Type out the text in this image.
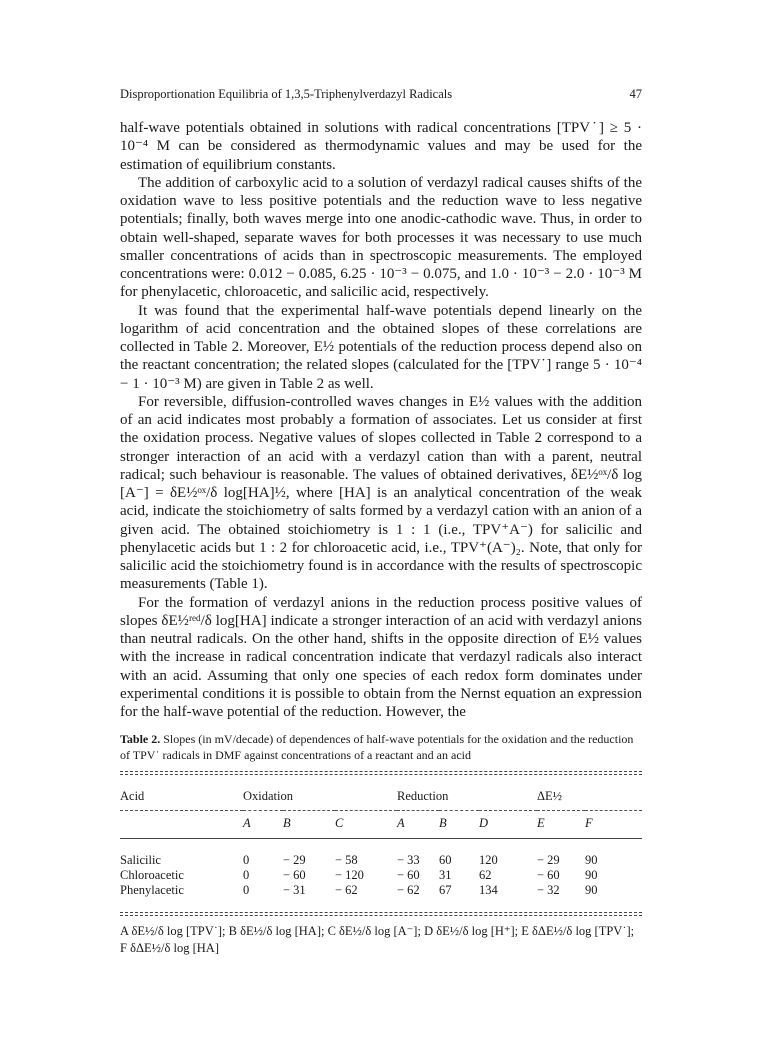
Disproportionation Equilibria of 1,3,5-Triphenylverdazyl Radicals	47

half-wave potentials obtained in solutions with radical concentrations [TPV˙] ≥ 5 · 10⁻⁴ M can be considered as thermodynamic values and may be used for the estimation of equilibrium constants.

The addition of carboxylic acid to a solution of verdazyl radical causes shifts of the oxidation wave to less positive potentials and the reduction wave to less negative potentials; finally, both waves merge into one anodic-cathodic wave. Thus, in order to obtain well-shaped, separate waves for both processes it was necessary to use much smaller concentrations of acids than in spectroscopic measurements. The employed concentrations were: 0.012 − 0.085, 6.25 · 10⁻³ − 0.075, and 1.0 · 10⁻³ − 2.0 · 10⁻³ M for phenylacetic, chloroacetic, and salicilic acid, respectively.

It was found that the experimental half-wave potentials depend linearly on the logarithm of acid concentration and the obtained slopes of these correlations are collected in Table 2. Moreover, E½ potentials of the reduction process depend also on the reactant concentration; the related slopes (calculated for the [TPV˙] range 5 · 10⁻⁴ − 1 · 10⁻³ M) are given in Table 2 as well.

For reversible, diffusion-controlled waves changes in E½ values with the addition of an acid indicates most probably a formation of associates. Let us consider at first the oxidation process. Negative values of slopes collected in Table 2 correspond to a stronger interaction of an acid with a verdazyl cation than with a parent, neutral radical; such behaviour is reasonable. The values of obtained derivatives, δE½ᵒˣ/δ log [A⁻] = δE½ᵒˣ/δ log[HA]½, where [HA] is an analytical concentration of the weak acid, indicate the stoichiometry of salts formed by a verdazyl cation with an anion of a given acid. The obtained stoichiometry is 1 : 1 (i.e., TPV⁺A⁻) for salicilic and phenylacetic acids but 1 : 2 for chloroacetic acid, i.e., TPV⁺(A⁻)₂. Note, that only for salicilic acid the stoichiometry found is in accordance with the results of spectroscopic measurements (Table 1).

For the formation of verdazyl anions in the reduction process positive values of slopes δE½ʳᵉᵈ/δ log[HA] indicate a stronger interaction of an acid with verdazyl anions than neutral radicals. On the other hand, shifts in the opposite direction of E½ values with the increase in radical concentration indicate that verdazyl radicals also interact with an acid. Assuming that only one species of each redox form dominates under experimental conditions it is possible to obtain from the Nernst equation an expression for the half-wave potential of the reduction. However, the

Table 2. Slopes (in mV/decade) of dependences of half-wave potentials for the oxidation and the reduction of TPV˙ radicals in DMF against concentrations of a reactant and an acid
Acid	Oxidation			Reduction			ΔE½	

	A	B	C	A	B	D	E	F

Salicilic	0	− 29	− 58	− 33	60	120	− 29	90
Chloroacetic	0	− 60	− 120	− 60	31	62	− 60	90
Phenylacetic	0	− 31	− 62	− 62	67	134	− 32	90
A δE½/δ log [TPV˙]; B δE½/δ log [HA]; C δE½/δ log [A⁻]; D δE½/δ log [H⁺]; E δΔE½/δ log [TPV˙]; F δΔE½/δ log [HA]
